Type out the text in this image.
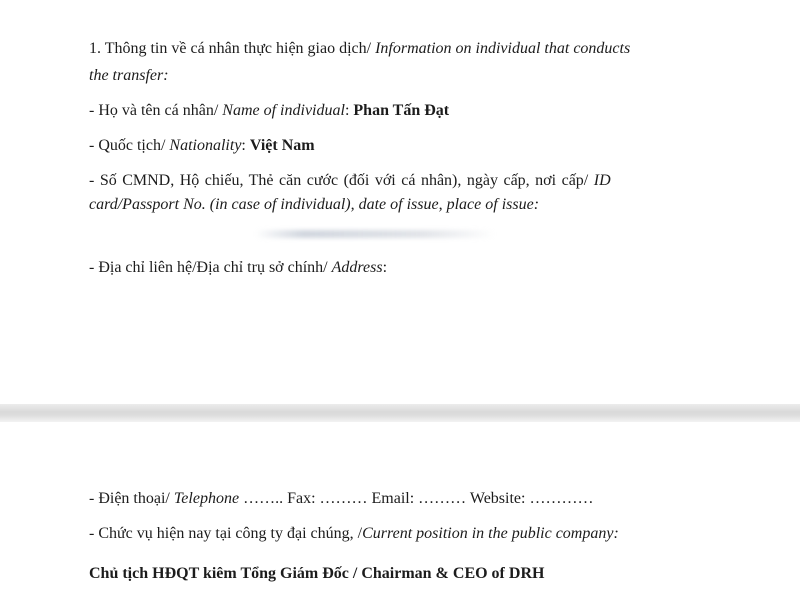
1. Thông tin về cá nhân thực hiện giao dịch/ Information on individual that conducts
the transfer:
- Họ và tên cá nhân/ Name of individual: Phan Tấn Đạt
- Quốc tịch/ Nationality: Việt Nam
- Số CMND, Hộ chiếu, Thẻ căn cước (đối với cá nhân), ngày cấp, nơi cấp/ ID
card/Passport No. (in case of individual), date of issue, place of issue:
- Địa chỉ liên hệ/Địa chỉ trụ sở chính/ Address:
- Điện thoại/ Telephone …….. Fax: ……… Email: ……… Website: …………
- Chức vụ hiện nay tại công ty đại chúng, /Current position in the public company:
Chủ tịch HĐQT kiêm Tổng Giám Đốc / Chairman & CEO of DRH
